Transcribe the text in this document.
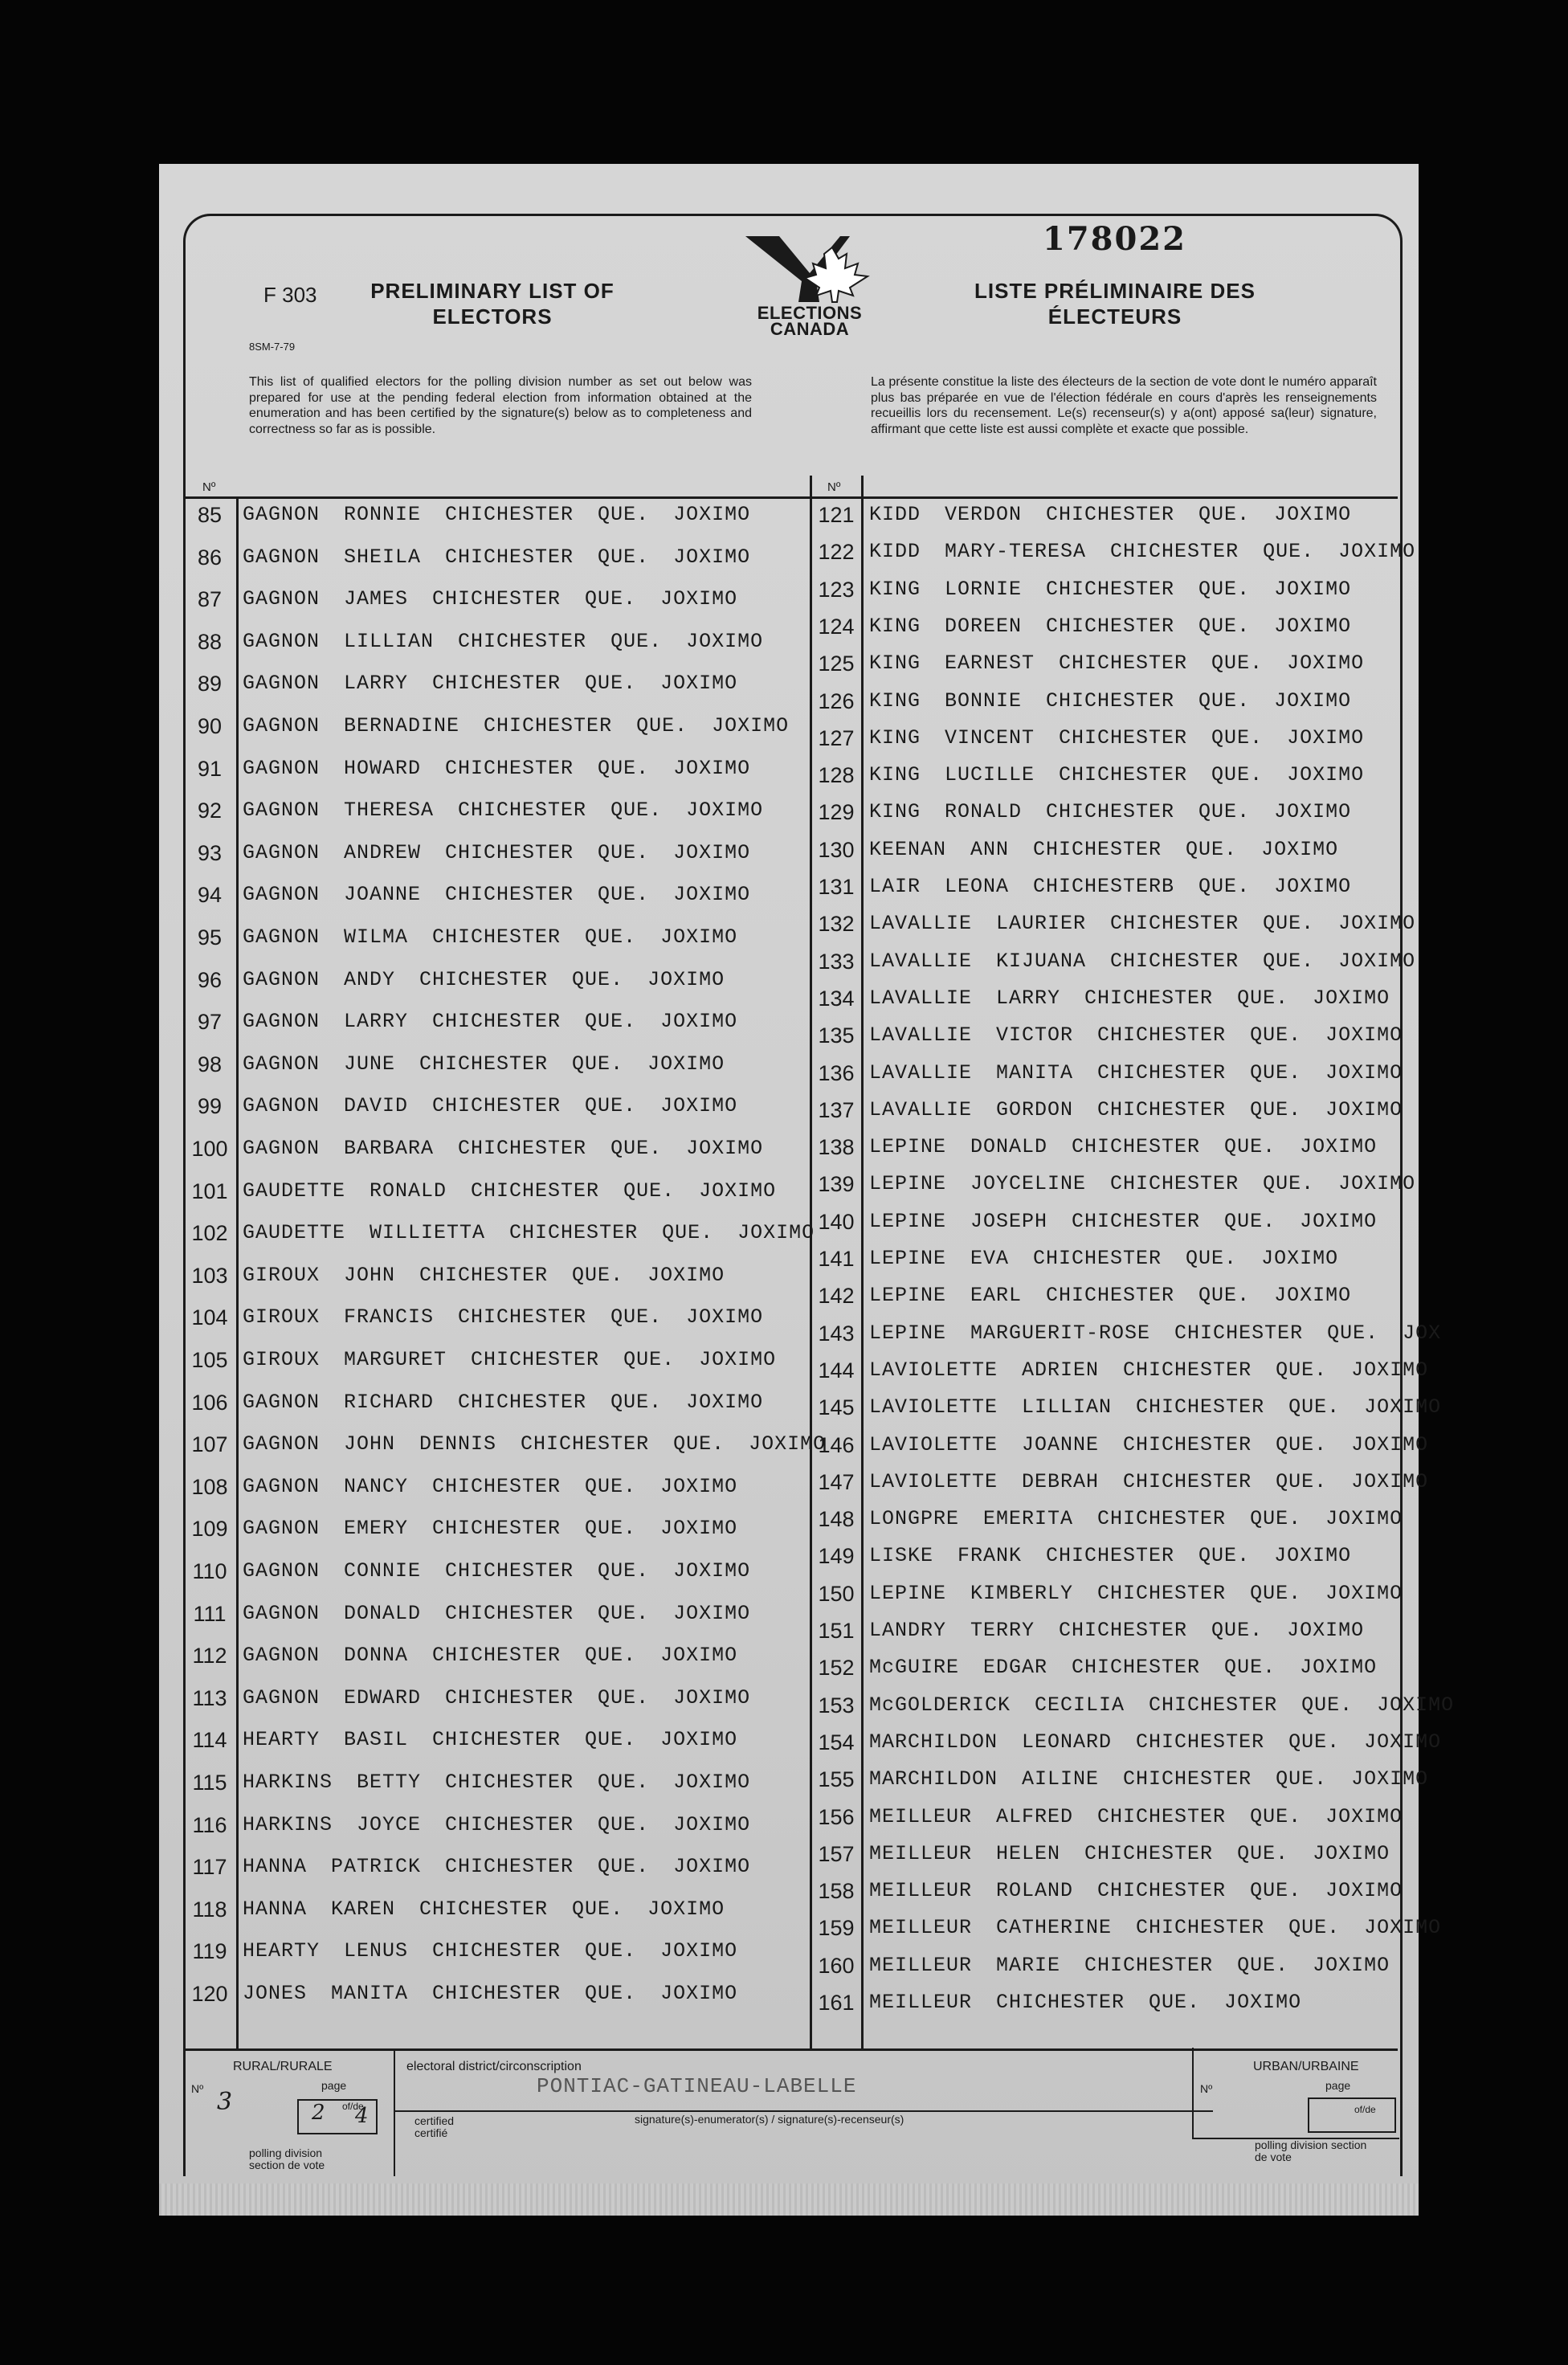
178022
F 303
8SM-7-79
PRELIMINARY LIST OF ELECTORS
LISTE PRÉLIMINAIRE DES ÉLECTEURS
ELECTIONS
CANADA
This list of qualified electors for the polling division number as set out below was prepared for use at the pending federal election from information obtained at the enumeration and has been certified by the signature(s) below as to completeness and correctness so far as is possible.
La présente constitue la liste des électeurs de la section de vote dont le numéro apparaît plus bas préparée en vue de l'élection fédérale en cours d'après les renseignements recueillis lors du recensement. Le(s) recenseur(s) y a(ont) apposé sa(leur) signature, affirmant que cette liste est aussi complète et exacte que possible.
Nº	Nº
85	GAGNON RONNIE CHICHESTER QUE. JOXIMO
86	GAGNON SHEILA CHICHESTER QUE. JOXIMO
87	GAGNON JAMES CHICHESTER QUE. JOXIMO
88	GAGNON LILLIAN CHICHESTER QUE. JOXIMO
89	GAGNON LARRY CHICHESTER QUE. JOXIMO
90	GAGNON BERNADINE CHICHESTER QUE. JOXIMO
91	GAGNON HOWARD CHICHESTER QUE. JOXIMO
92	GAGNON THERESA CHICHESTER QUE. JOXIMO
93	GAGNON ANDREW CHICHESTER QUE. JOXIMO
94	GAGNON JOANNE CHICHESTER QUE. JOXIMO
95	GAGNON WILMA CHICHESTER QUE. JOXIMO
96	GAGNON ANDY CHICHESTER QUE. JOXIMO
97	GAGNON LARRY CHICHESTER QUE. JOXIMO
98	GAGNON JUNE CHICHESTER QUE. JOXIMO
99	GAGNON DAVID CHICHESTER QUE. JOXIMO
100 GAGNON BARBARA CHICHESTER QUE. JOXIMO
101 GAUDETTE RONALD CHICHESTER QUE. JOXIMO
102 GAUDETTE WILLIETTA CHICHESTER QUE. JOXIMO
103 GIROUX JOHN CHICHESTER QUE. JOXIMO
104 GIROUX FRANCIS CHICHESTER QUE. JOXIMO
105 GIROUX MARGURET CHICHESTER QUE. JOXIMO
106 GAGNON RICHARD CHICHESTER QUE. JOXIMO
107 GAGNON JOHN DENNIS CHICHESTER QUE. JOXIMO
108 GAGNON NANCY CHICHESTER QUE. JOXIMO
109 GAGNON EMERY CHICHESTER QUE. JOXIMO
110 GAGNON CONNIE CHICHESTER QUE. JOXIMO
111 GAGNON DONALD CHICHESTER QUE. JOXIMO
112 GAGNON DONNA CHICHESTER QUE. JOXIMO
113 GAGNON EDWARD CHICHESTER QUE. JOXIMO
114 HEARTY BASIL CHICHESTER QUE. JOXIMO
115 HARKINS BETTY CHICHESTER QUE. JOXIMO
116 HARKINS JOYCE CHICHESTER QUE. JOXIMO
117 HANNA PATRICK CHICHESTER QUE. JOXIMO
118 HANNA KAREN CHICHESTER QUE. JOXIMO
119 HEARTY LENUS CHICHESTER QUE. JOXIMO
120 JONES MANITA CHICHESTER QUE. JOXIMO
121 KIDD VERDON CHICHESTER QUE. JOXIMO
122 KIDD MARY-TERESA CHICHESTER QUE. JOXIMO
123 KING LORNIE CHICHESTER QUE. JOXIMO
124 KING DOREEN CHICHESTER QUE. JOXIMO
125 KING EARNEST CHICHESTER QUE. JOXIMO
126 KING BONNIE CHICHESTER QUE. JOXIMO
127 KING VINCENT CHICHESTER QUE. JOXIMO
128 KING LUCILLE CHICHESTER QUE. JOXIMO
129 KING RONALD CHICHESTER QUE. JOXIMO
130 KEENAN ANN CHICHESTER QUE. JOXIMO
131 LAIR LEONA CHICHESTERB QUE. JOXIMO
132 LAVALLIE LAURIER CHICHESTER QUE. JOXIMO
133 LAVALLIE KIJUANA CHICHESTER QUE. JOXIMO
134 LAVALLIE LARRY CHICHESTER QUE. JOXIMO
135 LAVALLIE VICTOR CHICHESTER QUE. JOXIMO
136 LAVALLIE MANITA CHICHESTER QUE. JOXIMO
137 LAVALLIE GORDON CHICHESTER QUE. JOXIMO
138 LEPINE DONALD CHICHESTER QUE. JOXIMO
139 LEPINE JOYCELINE CHICHESTER QUE. JOXIMO
140 LEPINE JOSEPH CHICHESTER QUE. JOXIMO
141 LEPINE EVA CHICHESTER QUE. JOXIMO
142 LEPINE EARL CHICHESTER QUE. JOXIMO
143 LEPINE MARGUERIT-ROSE CHICHESTER QUE. JOX
144 LAVIOLETTE ADRIEN CHICHESTER QUE. JOXIMO
145 LAVIOLETTE LILLIAN CHICHESTER QUE. JOXIMO
146 LAVIOLETTE JOANNE CHICHESTER QUE. JOXIMO
147 LAVIOLETTE DEBRAH CHICHESTER QUE. JOXIMO
148 LONGPRE EMERITA CHICHESTER QUE. JOXIMO
149 LISKE FRANK CHICHESTER QUE. JOXIMO
150 LEPINE KIMBERLY CHICHESTER QUE. JOXIMO
151 LANDRY TERRY CHICHESTER QUE. JOXIMO
152 McGUIRE EDGAR CHICHESTER QUE. JOXIMO
153 McGOLDERICK CECILIA CHICHESTER QUE. JOXIMO
154 MARCHILDON LEONARD CHICHESTER QUE. JOXIMO
155 MARCHILDON AILINE CHICHESTER QUE. JOXIMO
156 MEILLEUR ALFRED CHICHESTER QUE. JOXIMO
157 MEILLEUR HELEN CHICHESTER QUE. JOXIMO
158 MEILLEUR ROLAND CHICHESTER QUE. JOXIMO
159 MEILLEUR CATHERINE CHICHESTER QUE. JOXIMO
160 MEILLEUR MARIE CHICHESTER QUE. JOXIMO
161 MEILLEUR CHICHESTER QUE. JOXIMO
RURAL/RURALE
Nº 3
page
2 of/de
4
polling division section de vote
electoral district/circonscription
signature(s)-enumerator(s) / signature(s)-recenseur(s)
certified certifié
URBAN/URBAINE
Nº	page
of/de
polling division section de vote
PONTIAC-GATINEAU-LABELLE
